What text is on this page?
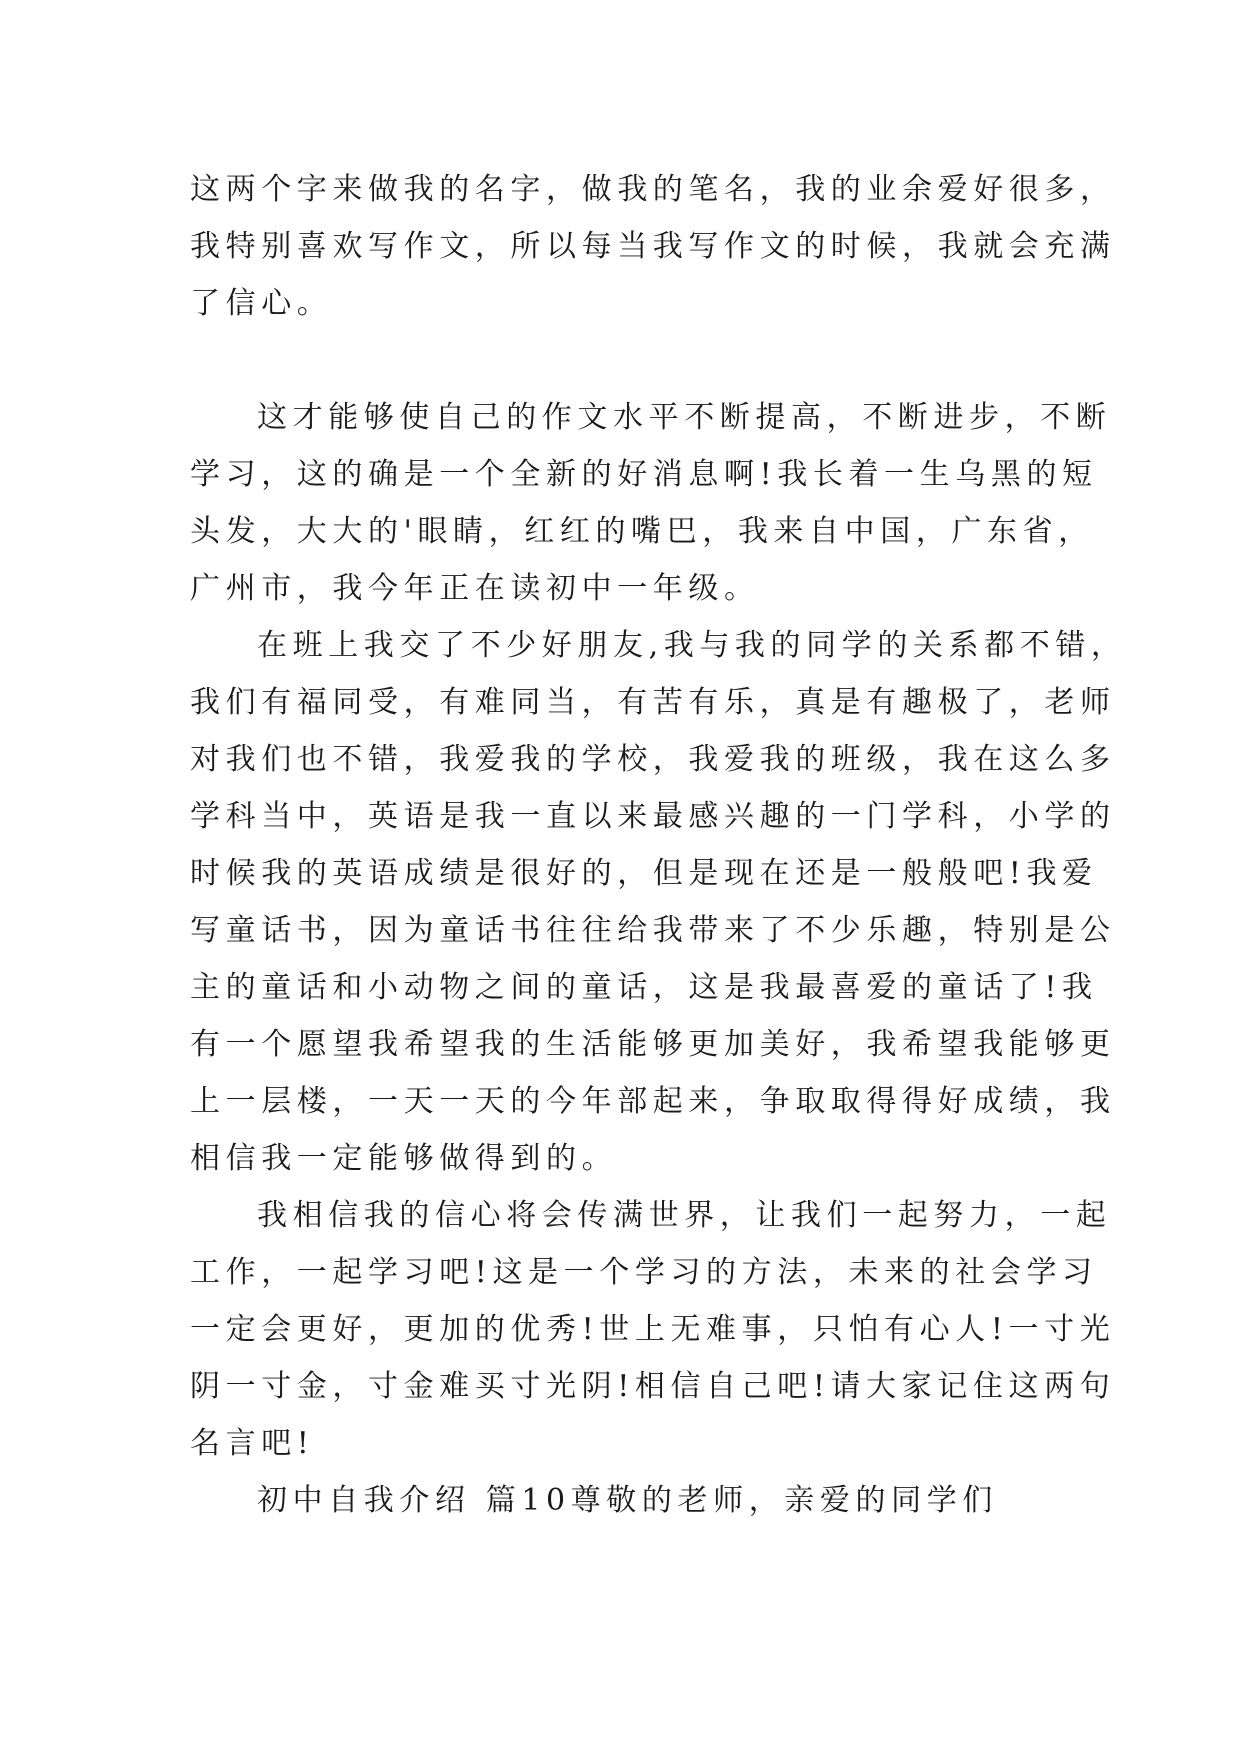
这两个字来做我的名字，做我的笔名，我的业余爱好很多，
我特别喜欢写作文，所以每当我写作文的时候，我就会充满
了信心。
这才能够使自己的作文水平不断提高，不断进步，不断
学习，这的确是一个全新的好消息啊!我长着一生乌黑的短
头发，大大的'眼睛，红红的嘴巴，我来自中国，广东省，
广州市，我今年正在读初中一年级。
在班上我交了不少好朋友,我与我的同学的关系都不错，
我们有福同受，有难同当，有苦有乐，真是有趣极了，老师
对我们也不错，我爱我的学校，我爱我的班级，我在这么多
学科当中，英语是我一直以来最感兴趣的一门学科，小学的
时候我的英语成绩是很好的，但是现在还是一般般吧!我爱
写童话书，因为童话书往往给我带来了不少乐趣，特别是公
主的童话和小动物之间的童话，这是我最喜爱的童话了!我
有一个愿望我希望我的生活能够更加美好，我希望我能够更
上一层楼，一天一天的今年部起来，争取取得得好成绩，我
相信我一定能够做得到的。
我相信我的信心将会传满世界，让我们一起努力，一起
工作，一起学习吧!这是一个学习的方法，未来的社会学习
一定会更好，更加的优秀!世上无难事，只怕有心人!一寸光
阴一寸金，寸金难买寸光阴!相信自己吧!请大家记住这两句
名言吧!
初中自我介绍 篇10尊敬的老师，亲爱的同学们
